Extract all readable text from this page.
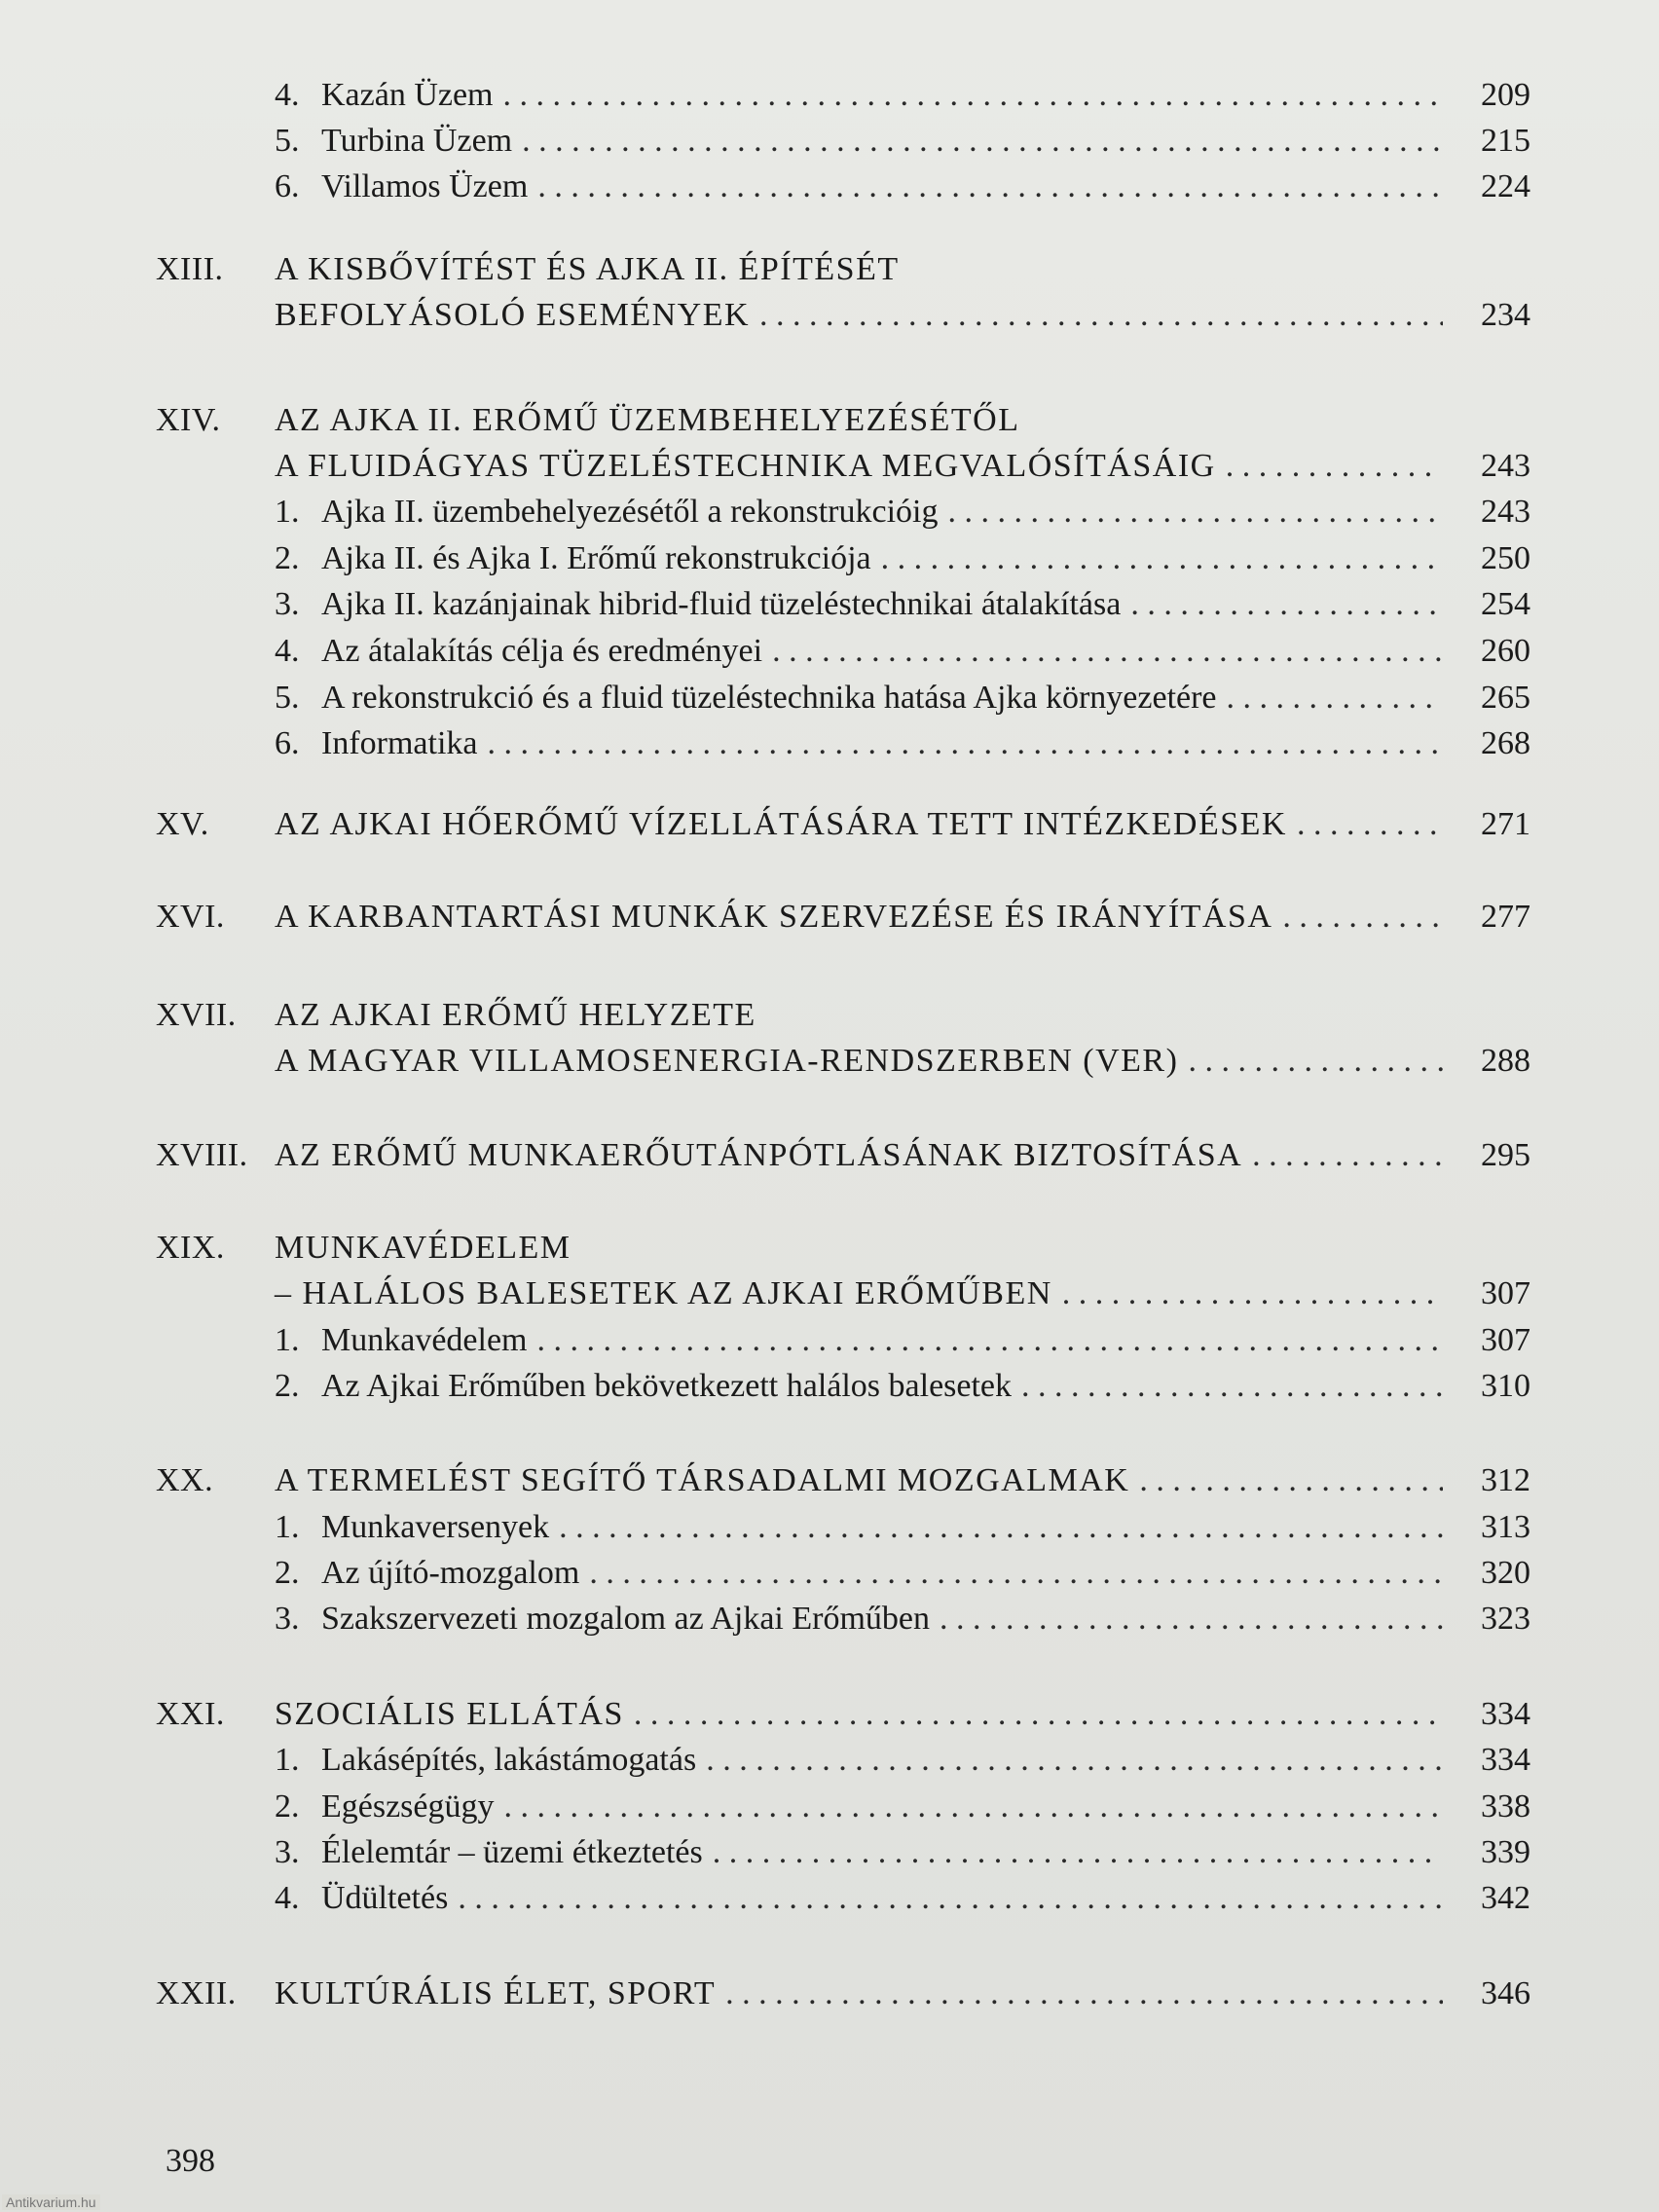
4. Kazán Üzem . . .	209
5. Turbina Üzem . . .	215
6. Villamos Üzem . . .	224
XIII. A KISBŐVÍTÉST ÉS AJKA II. ÉPÍTÉSÉT
BEFOLYÁSOLÓ ESEMÉNYEK . . .	234
XIV. AZ AJKA II. ERŐMŰ ÜZEMBEHELYEZÉSÉTŐL
A FLUIDÁGYAS TÜZELÉSTECHNIKA MEGVALÓSÍTÁSÁIG . . .	243
1. Ajka II. üzembehelyezésétől a rekonstrukcióig . . .	243
2. Ajka II. és Ajka I. Erőmű rekonstrukciója . . .	250
3. Ajka II. kazánjainak hibrid-fluid tüzeléstechnikai átalakítása . . .	254
4. Az átalakítás célja és eredményei . . .	260
5. A rekonstrukció és a fluid tüzeléstechnika hatása Ajka környezetére . . .	265
6. Informatika . . .	268
XV. AZ AJKAI HŐERŐMŰ VÍZELLÁTÁSÁRA TETT INTÉZKEDÉSEK . . .	271
XVI. A KARBANTARTÁSI MUNKÁK SZERVEZÉSE ÉS IRÁNYÍTÁSA . . .	277
XVII. AZ AJKAI ERŐMŰ HELYZETE
A MAGYAR VILLAMOSENERGIA-RENDSZERBEN (VER) . . .	288
XVIII. AZ ERŐMŰ MUNKAERŐUTÁNPÓTLÁSÁNAK BIZTOSÍTÁSA . . .	295
XIX. MUNKAVÉDELEM
– HALÁLOS BALESETEK AZ AJKAI ERŐMŰBEN . . .	307
1. Munkavédelem . . .	307
2. Az Ajkai Erőműben bekövetkezett halálos balesetek . . .	310
XX. A TERMELÉST SEGÍTŐ TÁRSADALMI MOZGALMAK . . .	312
1. Munkaversenyek . . .	313
2. Az újító-mozgalom . . .	320
3. Szakszervezeti mozgalom az Ajkai Erőműben . . .	323
XXI. SZOCIÁLIS ELLÁTÁS . . .	334
1. Lakásépítés, lakástámogatás . . .	334
2. Egészségügy . . .	338
3. Élelemtár – üzemi étkeztetés . . .	339
4. Üdültetés . . .	342
XXII. KULTÚRÁLIS ÉLET, SPORT . . .	346
398
Antikvarium.hu
